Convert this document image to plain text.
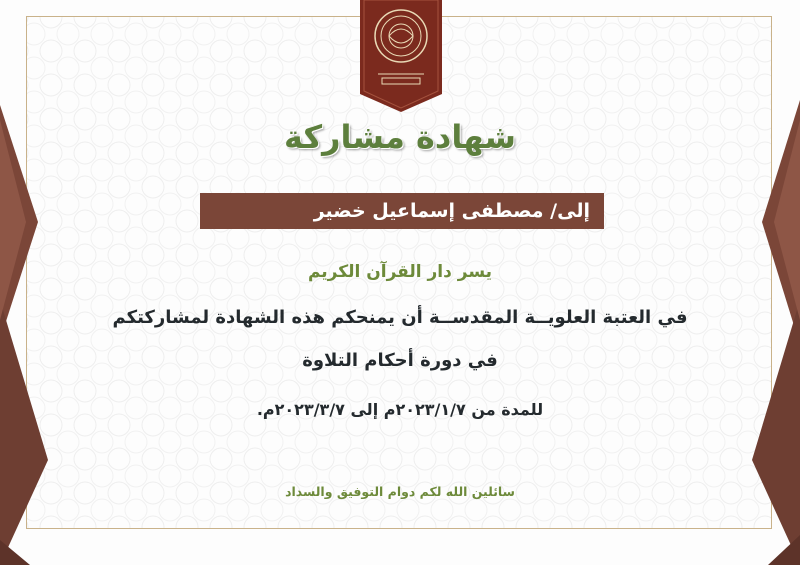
شهادة مشاركة
إلى/ مصطفى إسماعيل خضير
يسر دار القرآن الكريم
في العتبة العلويــة المقدســة أن يمنحكم هذه الشهادة لمشاركتكم
في دورة أحكام التلاوة
للمدة من ٢٠٢٣/١/٧م إلى ٢٠٢٣/٣/٧م.
سائلين الله لكم دوام التوفيق والسداد
